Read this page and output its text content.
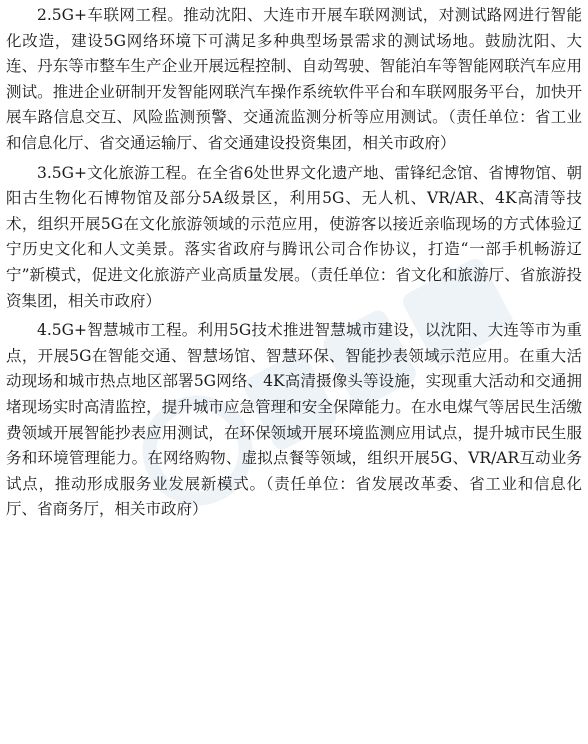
2.5G+车联网工程。推动沈阳、大连市开展车联网测试，对测试路网进行智能化改造，建设5G网络环境下可满足多种典型场景需求的测试场地。鼓励沈阳、大连、丹东等市整车生产企业开展远程控制、自动驾驶、智能泊车等智能网联汽车应用测试。推进企业研制开发智能网联汽车操作系统软件平台和车联网服务平台，加快开展车路信息交互、风险监测预警、交通流监测分析等应用测试。（责任单位：省工业和信息化厅、省交通运输厅、省交通建设投资集团，相关市政府）

3.5G+文化旅游工程。在全省6处世界文化遗产地、雷锋纪念馆、省博物馆、朝阳古生物化石博物馆及部分5A级景区，利用5G、无人机、VR/AR、4K高清等技术，组织开展5G在文化旅游领域的示范应用，使游客以接近亲临现场的方式体验辽宁历史文化和人文美景。落实省政府与腾讯公司合作协议，打造“一部手机畅游辽宁”新模式，促进文化旅游产业高质量发展。（责任单位：省文化和旅游厅、省旅游投资集团，相关市政府）

4.5G+智慧城市工程。利用5G技术推进智慧城市建设，以沈阳、大连等市为重点，开展5G在智能交通、智慧场馆、智慧环保、智能抄表领域示范应用。在重大活动现场和城市热点地区部署5G网络、4K高清摄像头等设施，实现重大活动和交通拥堵现场实时高清监控，提升城市应急管理和安全保障能力。在水电煤气等居民生活缴费领域开展智能抄表应用测试，在环保领域开展环境监测应用试点，提升城市民生服务和环境管理能力。在网络购物、虚拟点餐等领域，组织开展5G、VR/AR互动业务试点，推动形成服务业发展新模式。（责任单位：省发展改革委、省工业和信息化厅、省商务厅，相关市政府）
